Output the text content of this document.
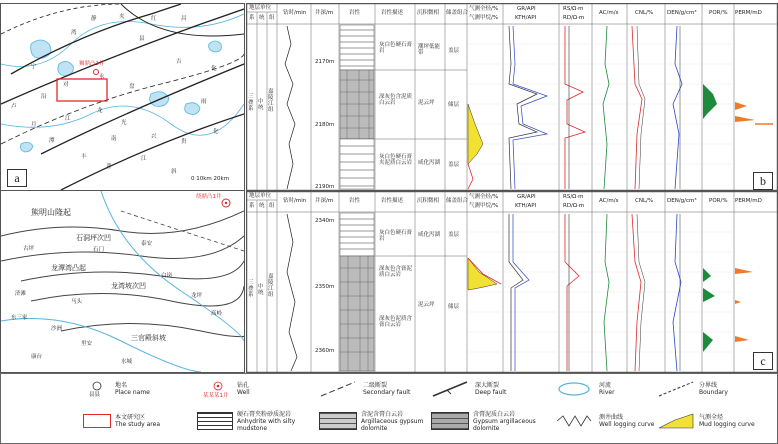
狮鼎凸1井
静	夹	红	昌
湾
县
宁
吉
对
永
化
盘
沿
卢
月
江
龙
光
雨
潭
兴
南	贵
化
丰	江
普
斜
0 10km 20km
a
熊明山隆起
绕鼎凸1井
石洞坪次凹
龙潭湾凸起
龙湾坡次凹
三官殿斜坡
古坪	石门
泰安
白岗
浒滩
马头
龙坪
高岭
东三家
沙洲
里安
康台
水城
地层单位
系 统 组
钻时/min 井深/m	岩性	岩性描述	沉积微相 储盖组合
气测全烃/%
气测甲烷/%
GR/API
KTH/API
RS/Ω·m
RD/Ω·m
AC/m/s	CNL/%	DEN/g/cm³ POR/% PERM/mD
三叠系
中统
嘉陵江组
2170m
2180m
2190m
灰白色硬石膏岩
深灰色含泥质白云岩
灰白色硬石膏夹泥质白云岩
潮坪低能带
泥云坪
咸化泻湖
盖层
储层
盖层
b
地层单位
系 统 组
钻时/min 井深/m	岩性	岩性描述	沉积微相 储盖组合
气测全烃/%
气测甲烷/%
GR/API
KTH/API
RS/Ω·m
RD/Ω·m
AC/m/s	CNL/%	DEN/g/cm³ POR/% PERM/mD
三叠系
中统
嘉陵江组
2340m
2350m
2360m
灰白色硬石膏岩
深灰色含膏泥质白云岩
深灰色泥质含膏白云岩
咸化泻湖
泥云坪
盖层
储层
c
县县
地名
Place name	某某某1井
钻孔
Well
二级断裂
Secondary fault
深大断裂
Deep fault
河流
River
分界线
Boundary
本文研究区
The study area
硬石膏夹粉砂质泥岩
Anhydrite with silty mudstone
含泥含膏白云岩
Argillaceous gypsum dolomite
含膏泥质白云岩
Gypsum argillaceous dolomite
测井曲线
Well logging curve
气测全烃
Mud logging curve
